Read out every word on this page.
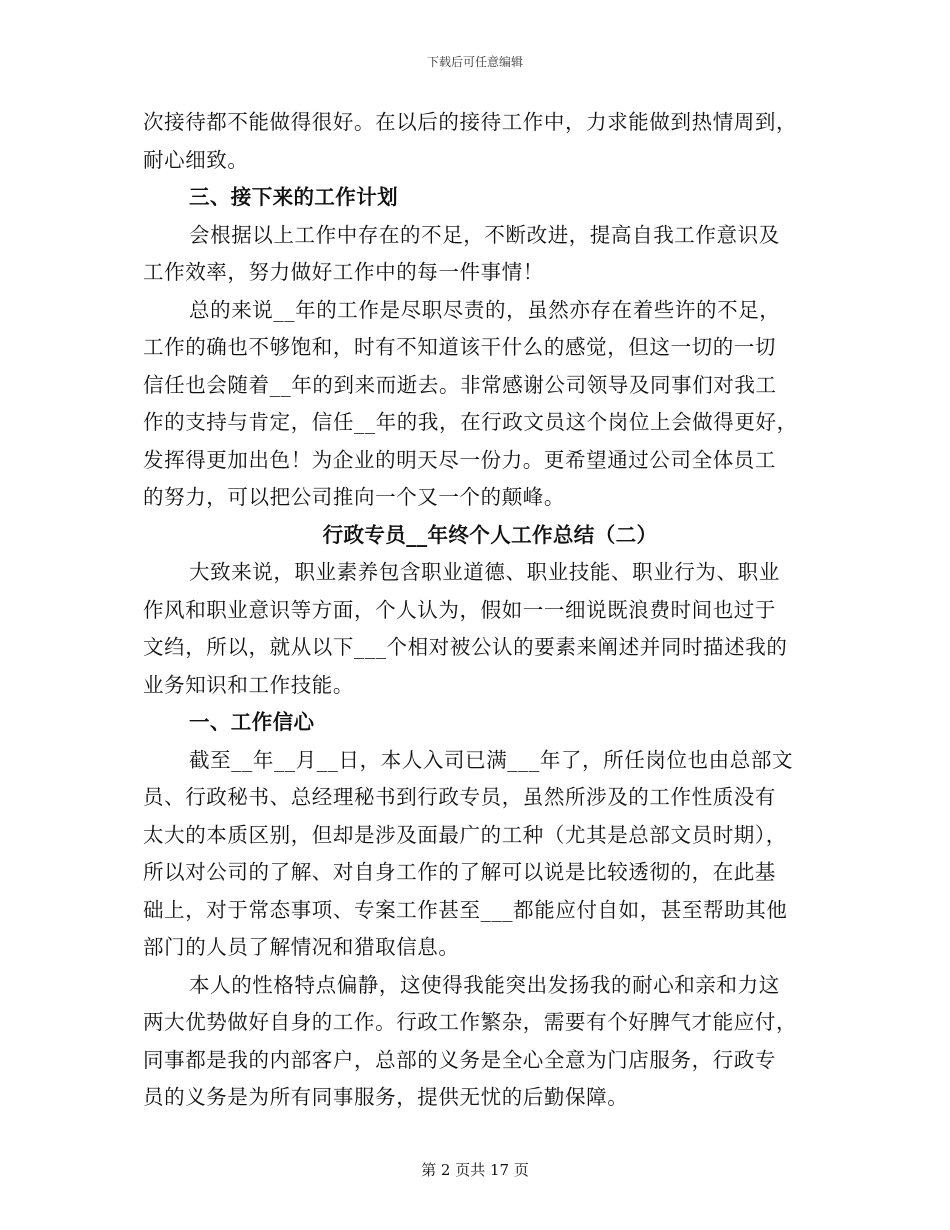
下载后可任意编辑
次接待都不能做得很好。在以后的接待工作中，力求能做到热情周到，
耐心细致。
三、接下来的工作计划
会根据以上工作中存在的不足，不断改进，提高自我工作意识及
工作效率，努力做好工作中的每一件事情！
总的来说__年的工作是尽职尽责的，虽然亦存在着些许的不足，
工作的确也不够饱和，时有不知道该干什么的感觉，但这一切的一切
信任也会随着__年的到来而逝去。非常感谢公司领导及同事们对我工
作的支持与肯定，信任__年的我，在行政文员这个岗位上会做得更好，
发挥得更加出色！为企业的明天尽一份力。更希望通过公司全体员工
的努力，可以把公司推向一个又一个的颠峰。
行政专员__年终个人工作总结（二）
大致来说，职业素养包含职业道德、职业技能、职业行为、职业
作风和职业意识等方面，个人认为，假如一一细说既浪费时间也过于
文绉，所以，就从以下___个相对被公认的要素来阐述并同时描述我的
业务知识和工作技能。
一、工作信心
截至__年__月__日，本人入司已满___年了，所任岗位也由总部文
员、行政秘书、总经理秘书到行政专员，虽然所涉及的工作性质没有
太大的本质区别，但却是涉及面最广的工种（尤其是总部文员时期），
所以对公司的了解、对自身工作的了解可以说是比较透彻的，在此基
础上，对于常态事项、专案工作甚至___都能应付自如，甚至帮助其他
部门的人员了解情况和猎取信息。
本人的性格特点偏静，这使得我能突出发扬我的耐心和亲和力这
两大优势做好自身的工作。行政工作繁杂，需要有个好脾气才能应付，
同事都是我的内部客户，总部的义务是全心全意为门店服务，行政专
员的义务是为所有同事服务，提供无忧的后勤保障。
第 2 页共 17 页
